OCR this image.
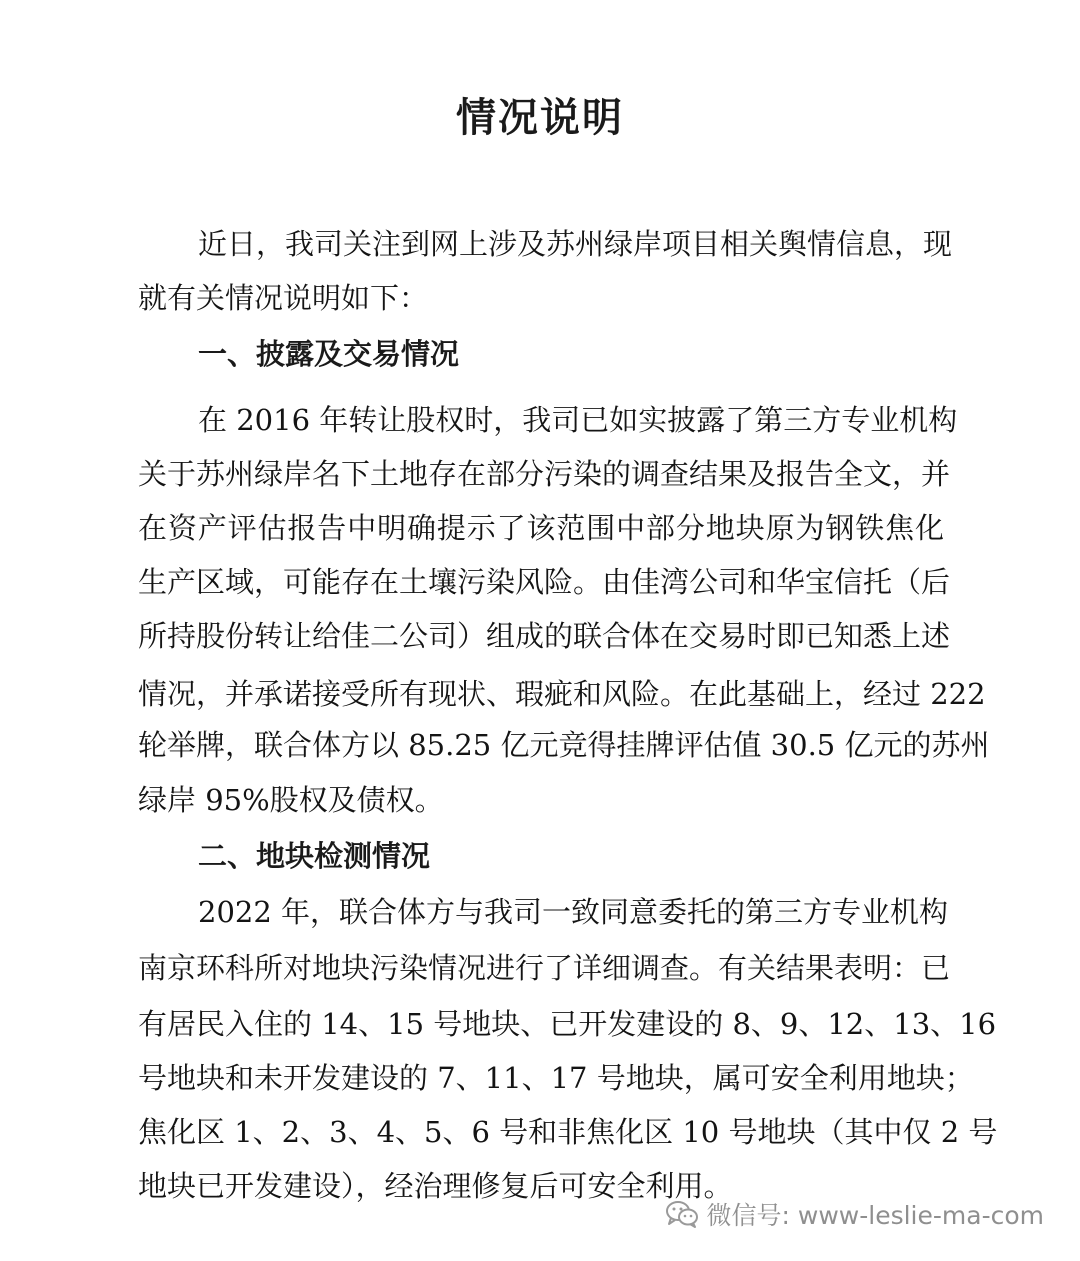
情况说明
近日，我司关注到网上涉及苏州绿岸项目相关舆情信息，现
就有关情况说明如下：
一、披露及交易情况
在 2016 年转让股权时，我司已如实披露了第三方专业机构
关于苏州绿岸名下土地存在部分污染的调查结果及报告全文，并
在资产评估报告中明确提示了该范围中部分地块原为钢铁焦化
生产区域，可能存在土壤污染风险。由佳湾公司和华宝信托（后
所持股份转让给佳二公司）组成的联合体在交易时即已知悉上述
情况，并承诺接受所有现状、瑕疵和风险。在此基础上，经过 222
轮举牌，联合体方以 85.25 亿元竞得挂牌评估值 30.5 亿元的苏州
绿岸 95%股权及债权。
二、地块检测情况
2022 年，联合体方与我司一致同意委托的第三方专业机构
南京环科所对地块污染情况进行了详细调查。有关结果表明：已
有居民入住的 14、15 号地块、已开发建设的 8、9、12、13、16
号地块和未开发建设的 7、11、17 号地块，属可安全利用地块；
焦化区 1、2、3、4、5、6 号和非焦化区 10 号地块（其中仅 2 号
地块已开发建设），经治理修复后可安全利用。
微信号: www-leslie-ma-com
